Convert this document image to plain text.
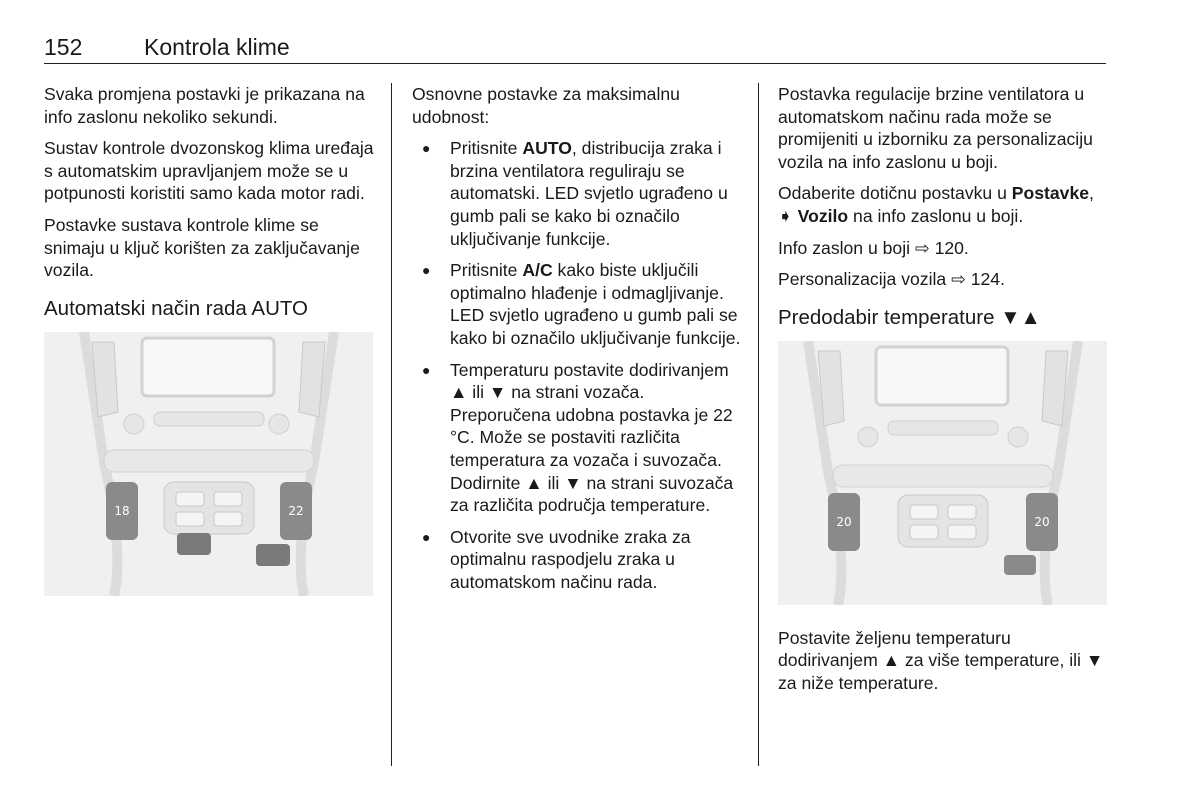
152	Kontrola klime

Svaka promjena postavki je prikazana na info zaslonu nekoliko sekundi.

Sustav kontrole dvozonskog klima uređaja s automatskim upravljanjem može se u potpunosti koristiti samo kada motor radi.

Postavke sustava kontrole klime se snimaju u ključ korišten za zaključavanje vozila.

Automatski način rada AUTO
18	22

Osnovne postavke za maksimalnu udobnost:

● Pritisnite AUTO, distribucija zraka i brzina ventilatora reguliraju se automatski. LED svjetlo ugrađeno u gumb pali se kako bi označilo uključivanje funkcije.
● Pritisnite A/C kako biste uključili optimalno hlađenje i odmagljivanje. LED svjetlo ugrađeno u gumb pali se kako bi označilo uključivanje funkcije.
● Temperaturu postavite dodirivanjem ▲ ili ▼ na strani vozača. Preporučena udobna postavka je 22 °C. Može se postaviti različita temperatura za vozača i suvozača. Dodirnite ▲ ili ▼ na strani suvozača za različita područja temperature.
● Otvorite sve uvodnike zraka za optimalnu raspodjelu zraka u automatskom načinu rada.

Postavka regulacije brzine ventilatora u automatskom načinu rada može se promijeniti u izborniku za personalizaciju vozila na info zaslonu u boji.

Odaberite dotičnu postavku u Postavke, ➧ Vozilo na info zaslonu u boji.

Info zaslon u boji ⇨ 120.

Personalizacija vozila ⇨ 124.

Predodabir temperature ▼▲
20	20

Postavite željenu temperaturu dodirivanjem ▲ za više temperature, ili ▼ za niže temperature.
